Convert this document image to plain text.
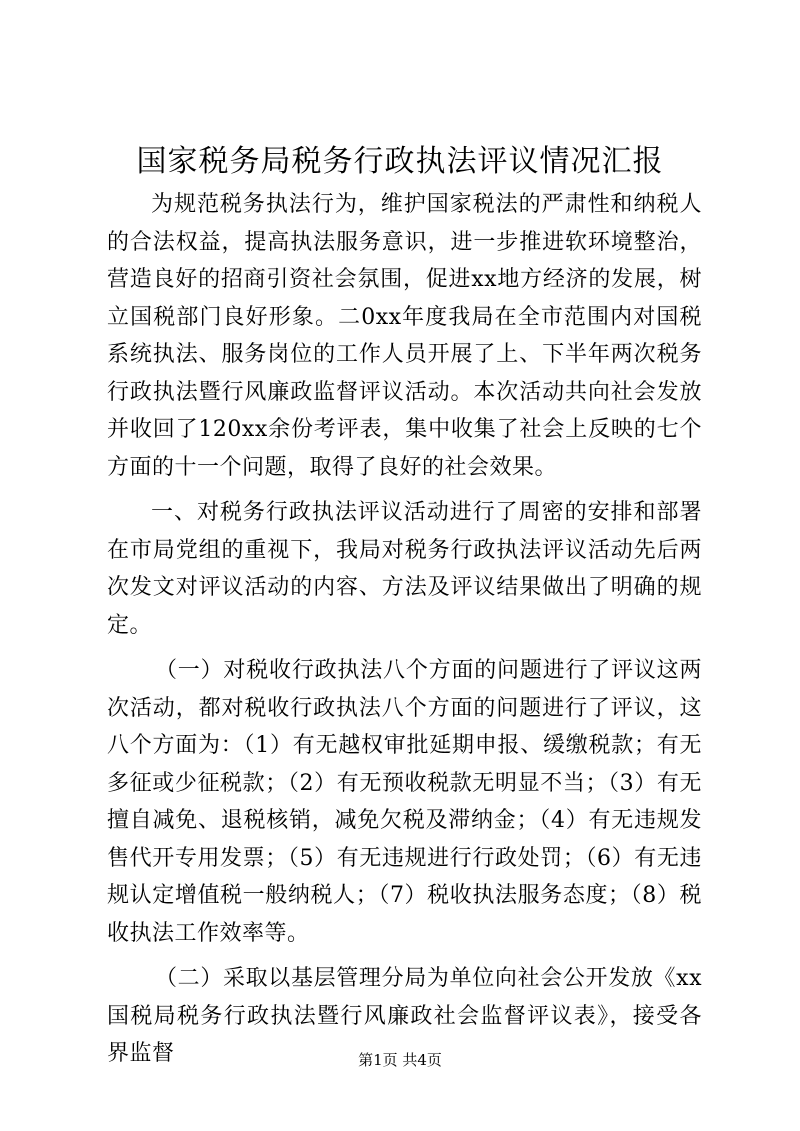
国家税务局税务行政执法评议情况汇报

为规范税务执法行为，维护国家税法的严肃性和纳税人的合法权益，提高执法服务意识，进一步推进软环境整治，营造良好的招商引资社会氛围，促进xx地方经济的发展，树立国税部门良好形象。二0xx年度我局在全市范围内对国税系统执法、服务岗位的工作人员开展了上、下半年两次税务行政执法暨行风廉政监督评议活动。本次活动共向社会发放并收回了120xx余份考评表，集中收集了社会上反映的七个方面的十一个问题，取得了良好的社会效果。

一、对税务行政执法评议活动进行了周密的安排和部署在市局党组的重视下，我局对税务行政执法评议活动先后两次发文对评议活动的内容、方法及评议结果做出了明确的规定。

（一）对税收行政执法八个方面的问题进行了评议这两次活动，都对税收行政执法八个方面的问题进行了评议，这八个方面为：（1）有无越权审批延期申报、缓缴税款；有无多征或少征税款；（2）有无预收税款无明显不当；（3）有无擅自减免、退税核销，减免欠税及滞纳金；（4）有无违规发售代开专用发票；（5）有无违规进行行政处罚；（6）有无违规认定增值税一般纳税人；（7）税收执法服务态度；（8）税收执法工作效率等。

（二）采取以基层管理分局为单位向社会公开发放《xx国税局税务行政执法暨行风廉政社会监督评议表》，接受各界监督	第1页 共4页
